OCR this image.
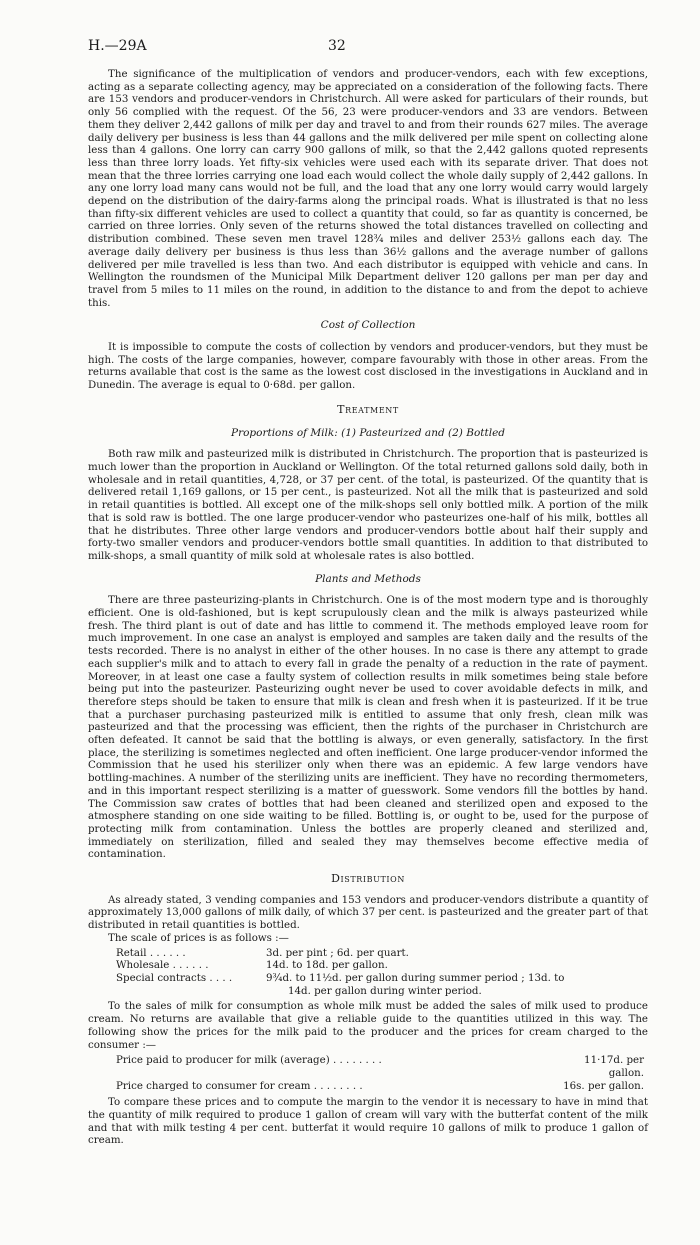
H.—29A	32

The significance of the multiplication of vendors and producer-vendors, each with few exceptions, acting as a separate collecting agency, may be appreciated on a consideration of the following facts. There are 153 vendors and producer-vendors in Christchurch. All were asked for particulars of their rounds, but only 56 complied with the request. Of the 56, 23 were producer-vendors and 33 are vendors. Between them they deliver 2,442 gallons of milk per day and travel to and from their rounds 627 miles. The average daily delivery per business is less than 44 gallons and the milk delivered per mile spent on collecting alone less than 4 gallons. One lorry can carry 900 gallons of milk, so that the 2,442 gallons quoted represents less than three lorry loads. Yet fifty-six vehicles were used each with its separate driver. That does not mean that the three lorries carrying one load each would collect the whole daily supply of 2,442 gallons. In any one lorry load many cans would not be full, and the load that any one lorry would carry would largely depend on the distribution of the dairy-farms along the principal roads. What is illustrated is that no less than fifty-six different vehicles are used to collect a quantity that could, so far as quantity is concerned, be carried on three lorries. Only seven of the returns showed the total distances travelled on collecting and distribution combined. These seven men travel 128¾ miles and deliver 253½ gallons each day. The average daily delivery per business is thus less than 36½ gallons and the average number of gallons delivered per mile travelled is less than two. And each distributor is equipped with vehicle and cans. In Wellington the roundsmen of the Municipal Milk Department deliver 120 gallons per man per day and travel from 5 miles to 11 miles on the round, in addition to the distance to and from the depot to achieve this.

Cost of Collection

It is impossible to compute the costs of collection by vendors and producer-vendors, but they must be high. The costs of the large companies, however, compare favourably with those in other areas. From the returns available that cost is the same as the lowest cost disclosed in the investigations in Auckland and in Dunedin. The average is equal to 0·68d. per gallon.

Treatment
Proportions of Milk: (1) Pasteurized and (2) Bottled

Both raw milk and pasteurized milk is distributed in Christchurch. The proportion that is pasteurized is much lower than the proportion in Auckland or Wellington. Of the total returned gallons sold daily, both in wholesale and in retail quantities, 4,728, or 37 per cent. of the total, is pasteurized. Of the quantity that is delivered retail 1,169 gallons, or 15 per cent., is pasteurized. Not all the milk that is pasteurized and sold in retail quantities is bottled. All except one of the milk-shops sell only bottled milk. A portion of the milk that is sold raw is bottled. The one large producer-vendor who pasteurizes one-half of his milk, bottles all that he distributes. Three other large vendors and producer-vendors bottle about half their supply and forty-two smaller vendors and producer-vendors bottle small quantities. In addition to that distributed to milk-shops, a small quantity of milk sold at wholesale rates is also bottled.

Plants and Methods

There are three pasteurizing-plants in Christchurch. One is of the most modern type and is thoroughly efficient. One is old-fashioned, but is kept scrupulously clean and the milk is always pasteurized while fresh. The third plant is out of date and has little to commend it. The methods employed leave room for much improvement. In one case an analyst is employed and samples are taken daily and the results of the tests recorded. There is no analyst in either of the other houses. In no case is there any attempt to grade each supplier's milk and to attach to every fall in grade the penalty of a reduction in the rate of payment. Moreover, in at least one case a faulty system of collection results in milk sometimes being stale before being put into the pasteurizer. Pasteurizing ought never be used to cover avoidable defects in milk, and therefore steps should be taken to ensure that milk is clean and fresh when it is pasteurized. If it be true that a purchaser purchasing pasteurized milk is entitled to assume that only fresh, clean milk was pasteurized and that the processing was efficient, then the rights of the purchaser in Christchurch are often defeated. It cannot be said that the bottling is always, or even generally, satisfactory. In the first place, the sterilizing is sometimes neglected and often inefficient. One large producer-vendor informed the Commission that he used his sterilizer only when there was an epidemic. A few large vendors have bottling-machines. A number of the sterilizing units are inefficient. They have no recording thermometers, and in this important respect sterilizing is a matter of guesswork. Some vendors fill the bottles by hand. The Commission saw crates of bottles that had been cleaned and sterilized open and exposed to the atmosphere standing on one side waiting to be filled. Bottling is, or ought to be, used for the purpose of protecting milk from contamination. Unless the bottles are properly cleaned and sterilized and, immediately on sterilization, filled and sealed they may themselves become effective media of contamination.

Distribution

As already stated, 3 vending companies and 153 vendors and producer-vendors distribute a quantity of approximately 13,000 gallons of milk daily, of which 37 per cent. is pasteurized and the greater part of that distributed in retail quantities is bottled.

The scale of prices is as follows :—

Retail . . . . . .	3d. per pint ; 6d. per quart.
Wholesale . . . . . .	14d. to 18d. per gallon.
Special contracts . . . .	9¾d. to 11½d. per gallon during summer period ; 13d. to
14d. per gallon during winter period.

To the sales of milk for consumption as whole milk must be added the sales of milk used to produce cream. No returns are available that give a reliable guide to the quantities utilized in this way. The following show the prices for the milk paid to the producer and the prices for cream charged to the consumer :—

Price paid to producer for milk (average) . . . . . . . .	11·17d. per gallon.
Price charged to consumer for cream . . . . . . . .	16s. per gallon.

To compare these prices and to compute the margin to the vendor it is necessary to have in mind that the quantity of milk required to produce 1 gallon of cream will vary with the butterfat content of the milk and that with milk testing 4 per cent. butterfat it would require 10 gallons of milk to produce 1 gallon of cream.
